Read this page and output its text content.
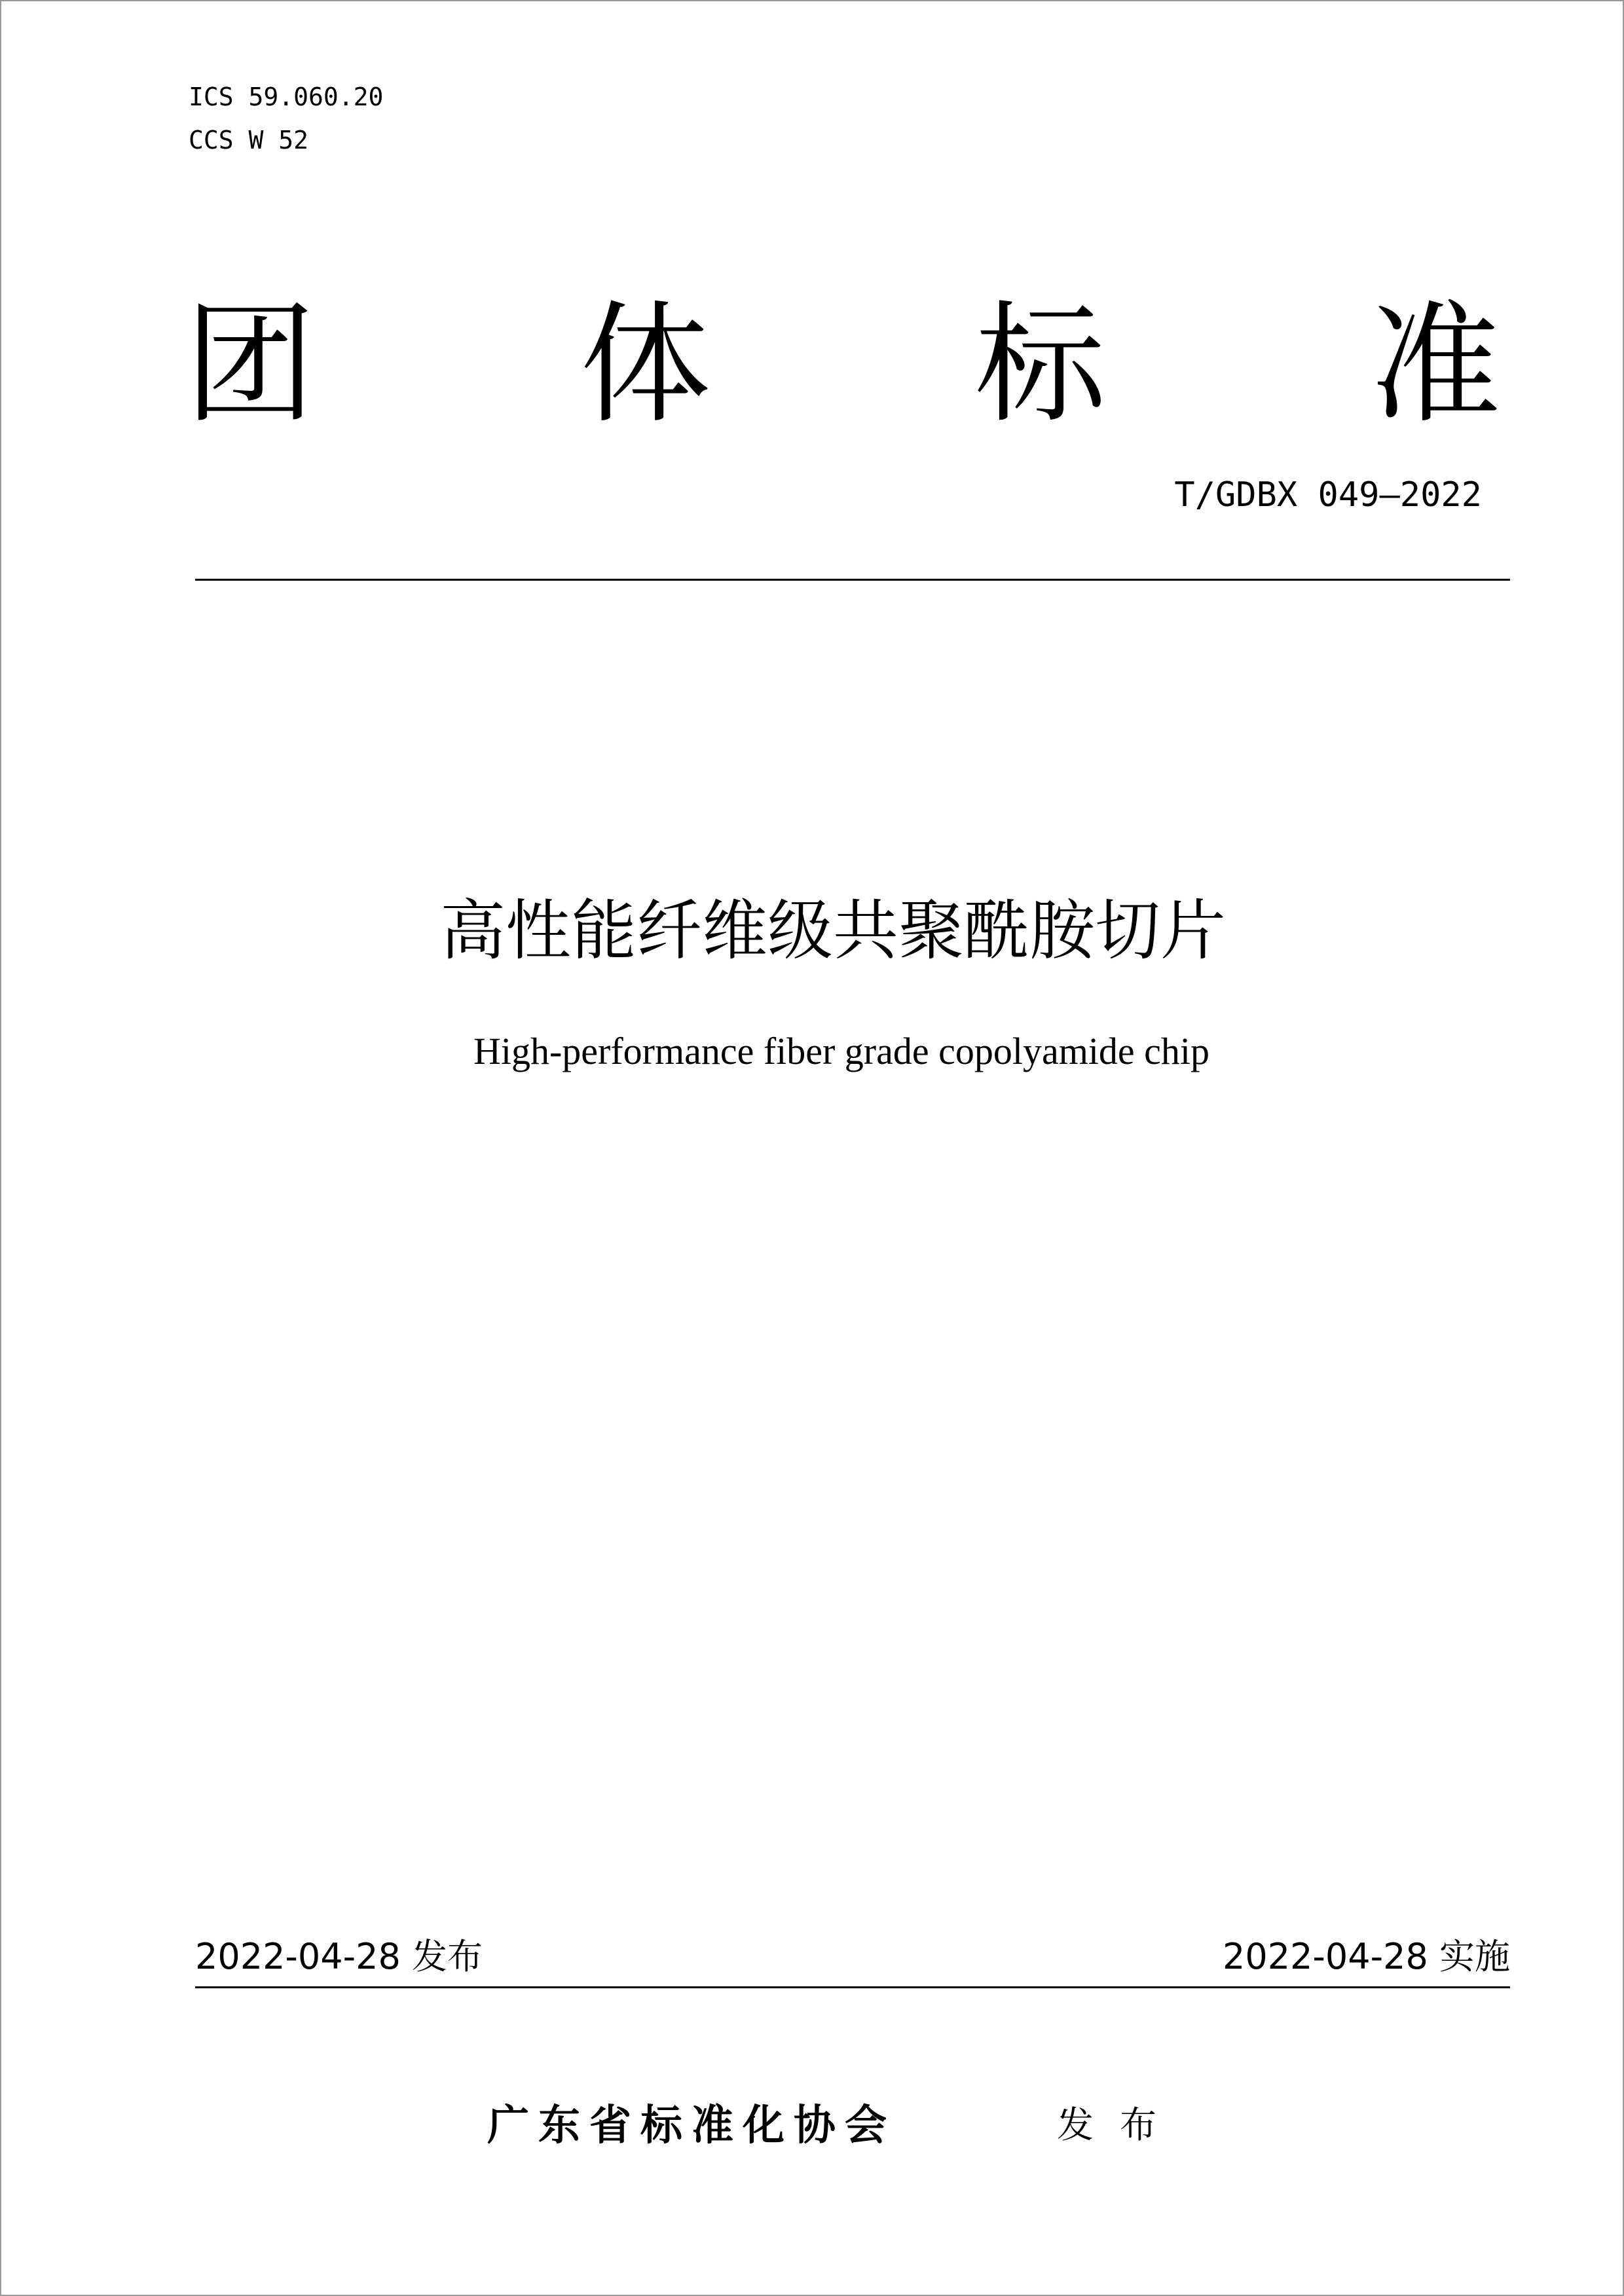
ICS 59.060.20
CCS W 52
团 体 标 准
T/GDBX 049—2022
高性能纤维级共聚酰胺切片
High-performance fiber grade copolyamide chip
2022-04-28 发布	2022-04-28 实施
广东省标准化协会	发布
